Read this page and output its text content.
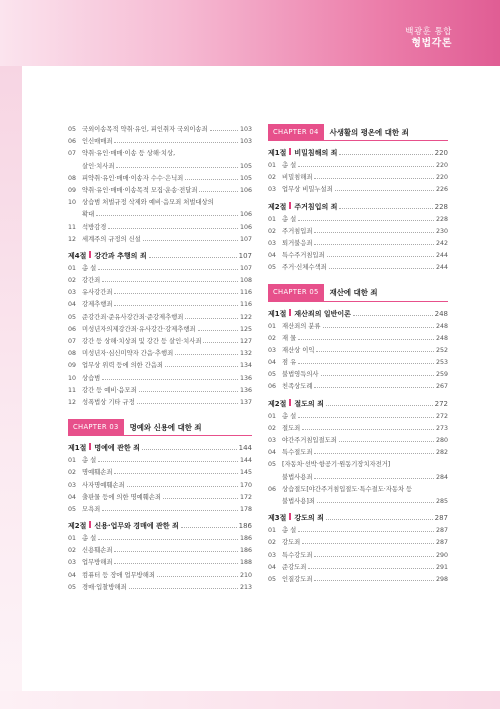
백광훈 통합
형법각론
05 국외이송목적 약취·유인, 피인취자 국외이송죄	103
06 인신매매죄	103
07 약취·유인·매매·이송 등 상해·치상,
살인·치사죄	105
08 피약취·유인·매매·이송자 수수·은닉죄	105
09 약취·유인·매매·이송목적 모집·운송·전달죄	106
10 상습범 처벌규정 삭제와 예비·음모죄 처벌대상의
확대	106
11 석방감경	106
12 세계주의 규정의 신설	107
제4절 강간과 추행의 죄	107
01 총 설	107
02 강간죄	108
03 유사강간죄	116
04 강제추행죄	116
05 준강간죄·준유사강간죄·준강제추행죄	122
06 미성년자의제강간죄·유사강간·강제추행죄	125
07 강간 등 상해·치상죄 및 강간 등 살인·치사죄	127
08 미성년자·심신미약자 간음·추행죄	132
09 업무상 위력 등에 의한 간음죄	134
10 상습범	136
11 강간 등 예비·음모죄	136
12 성폭법상 기타 규정	137
CHAPTER 03	명예와 신용에 대한 죄
제1절 명예에 관한 죄	144
01 총 설	144
02 명예훼손죄	145
03 사자명예훼손죄	170
04 출판물 등에 의한 명예훼손죄	172
05 모욕죄	178
제2절 신용·업무와 경매에 관한 죄	186
01 총 설	186
02 신용훼손죄	186
03 업무방해죄	188
04 컴퓨터 등 장애 업무방해죄	210
05 경매·입찰방해죄	213
CHAPTER 04	사생활의 평온에 대한 죄
제1절 비밀침해의 죄	220
01 총 설	220
02 비밀침해죄	220
03 업무상 비밀누설죄	226
제2절 주거침입의 죄	228
01 총 설	228
02 주거침입죄	230
03 퇴거불응죄	242
04 특수주거침입죄	244
05 주거·신체수색죄	244
CHAPTER 05	재산에 대한 죄
제1절 재산죄의 일반이론	248
01 재산죄의 분류	248
02 재 물	248
03 재산상 이익	252
04 점 유	253
05 불법영득의사	259
06 친족상도례	267
제2절 절도의 죄	272
01 총 설	272
02 절도죄	273
03 야간주거침입절도죄	280
04 특수절도죄	282
05 [자동차·선박·항공기·원동기장치자전거]
불법사용죄	284
06 상습절도[야간주거침입절도·특수절도·자동차 등
불법사용]죄	285
제3절 강도의 죄	287
01 총 설	287
02 강도죄	287
03 특수강도죄	290
04 준강도죄	291
05 인질강도죄	298
